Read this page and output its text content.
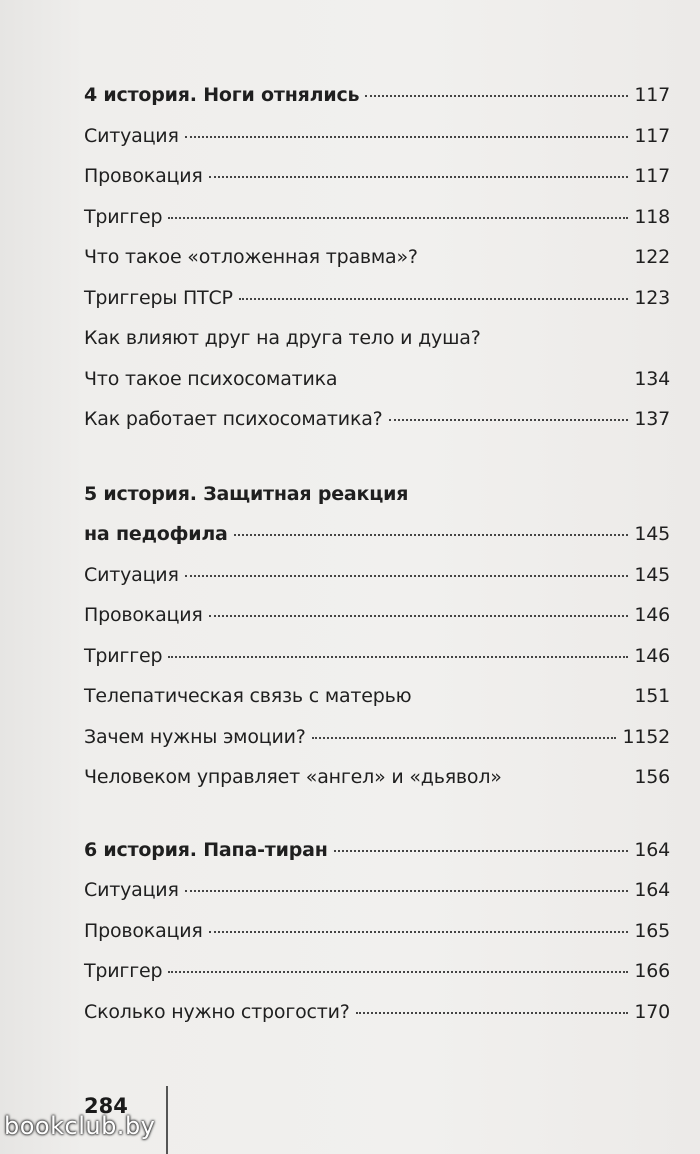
4 история. Ноги отнялись	117
Ситуация	117
Провокация	117
Триггер	118
Что такое «отложенная травма»?	122
Триггеры ПТСР	123
Как влияют друг на друга тело и душа?
Что такое психосоматика	134
Как работает психосоматика?	137
5 история. Защитная реакция
на педофила	145
Ситуация	145
Провокация	146
Триггер	146
Телепатическая связь с матерью	151
Зачем нужны эмоции?	1152
Человеком управляет «ангел» и «дьявол»	156
6 история. Папа-тиран	164
Ситуация	164
Провокация	165
Триггер	166
Сколько нужно строгости?	170
284
bookclub.by
